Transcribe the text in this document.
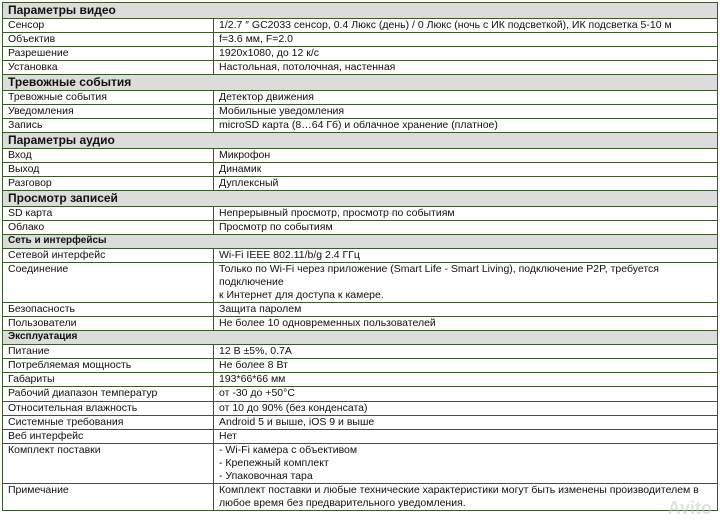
Параметры видео	
Сенсор	1/2.7 ″ GC2033 сенсор, 0.4 Люкс (день) / 0 Люкс (ночь с ИК подсветкой), ИК подсветка 5-10 м

Объектив	f=3.6 мм, F=2.0

Разрешение	1920x1080, до 12 к/с

Установка	Настольная, потолочная, настенная

Тревожные события	
Тревожные события	Детектор движения

Уведомления	Мобильные уведомления

Запись	microSD карта (8…64 Гб) и облачное хранение (платное)

Параметры аудио	
Вход	Микрофон

Выход	Динамик

Разговор	Дуплексный

Просмотр записей	
SD карта	Непрерывный просмотр, просмотр по событиям

Облако	Просмотр по событиям

Сеть и интерфейсы	
Сетевой интерфейс	Wi-Fi IEEE 802.11/b/g 2.4 ГГц

Соединение	Только по Wi-Fi через приложение (Smart Life - Smart Living), подключение P2P, требуется подключение
к Интернет для доступа к камере.

Безопасность	Защита паролем

Пользователи	Не более 10 одновременных пользователей

Эксплуатация	
Питание	12 В ±5%, 0.7A

Потребляемая мощность	Не более 8 Вт

Габариты	193*66*66 мм

Рабочий диапазон температур	от -30 до +50°C

Относительная влажность	от 10 до 90% (без конденсата)

Системные требования	Android 5 и выше, iOS 9 и выше

Веб интерфейс	Нет

Комплект поставки	- Wi-Fi камера с объективом
- Крепежный комплект
- Упаковочная тара

Примечание	Комплект поставки и любые технические характеристики могут быть изменены производителем в
любое время без предварительного уведомления.	Avito
